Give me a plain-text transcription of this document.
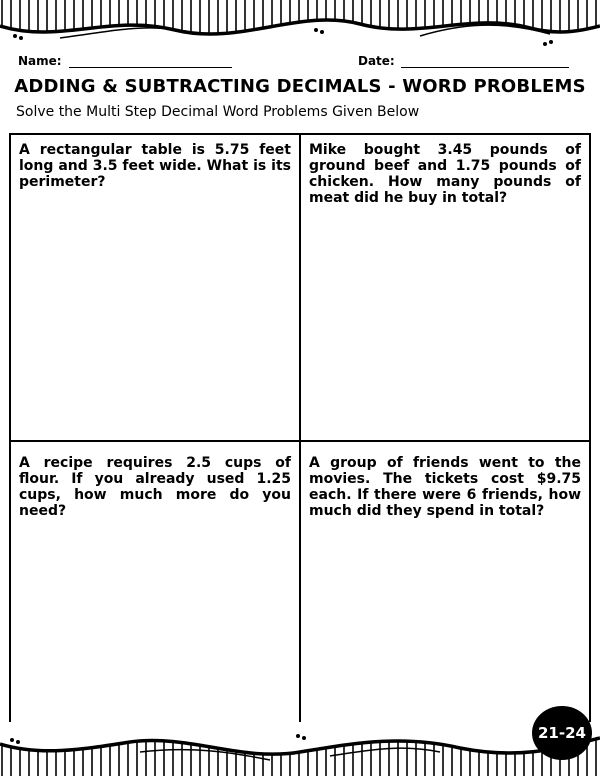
Name:	Date:
ADDING & SUBTRACTING DECIMALS - WORD PROBLEMS
Solve the Multi Step Decimal Word Problems Given Below

A rectangular table is 5.75 feet long and 3.5 feet wide. What is its perimeter?

Mike bought 3.45 pounds of ground beef and 1.75 pounds of chicken. How many pounds of meat did he buy in total?

A recipe requires 2.5 cups of flour. If you already used 1.25 cups, how much more do you need?

A group of friends went to the movies. The tickets cost $9.75 each. If there were 6 friends, how much did they spend in total?

21-24
